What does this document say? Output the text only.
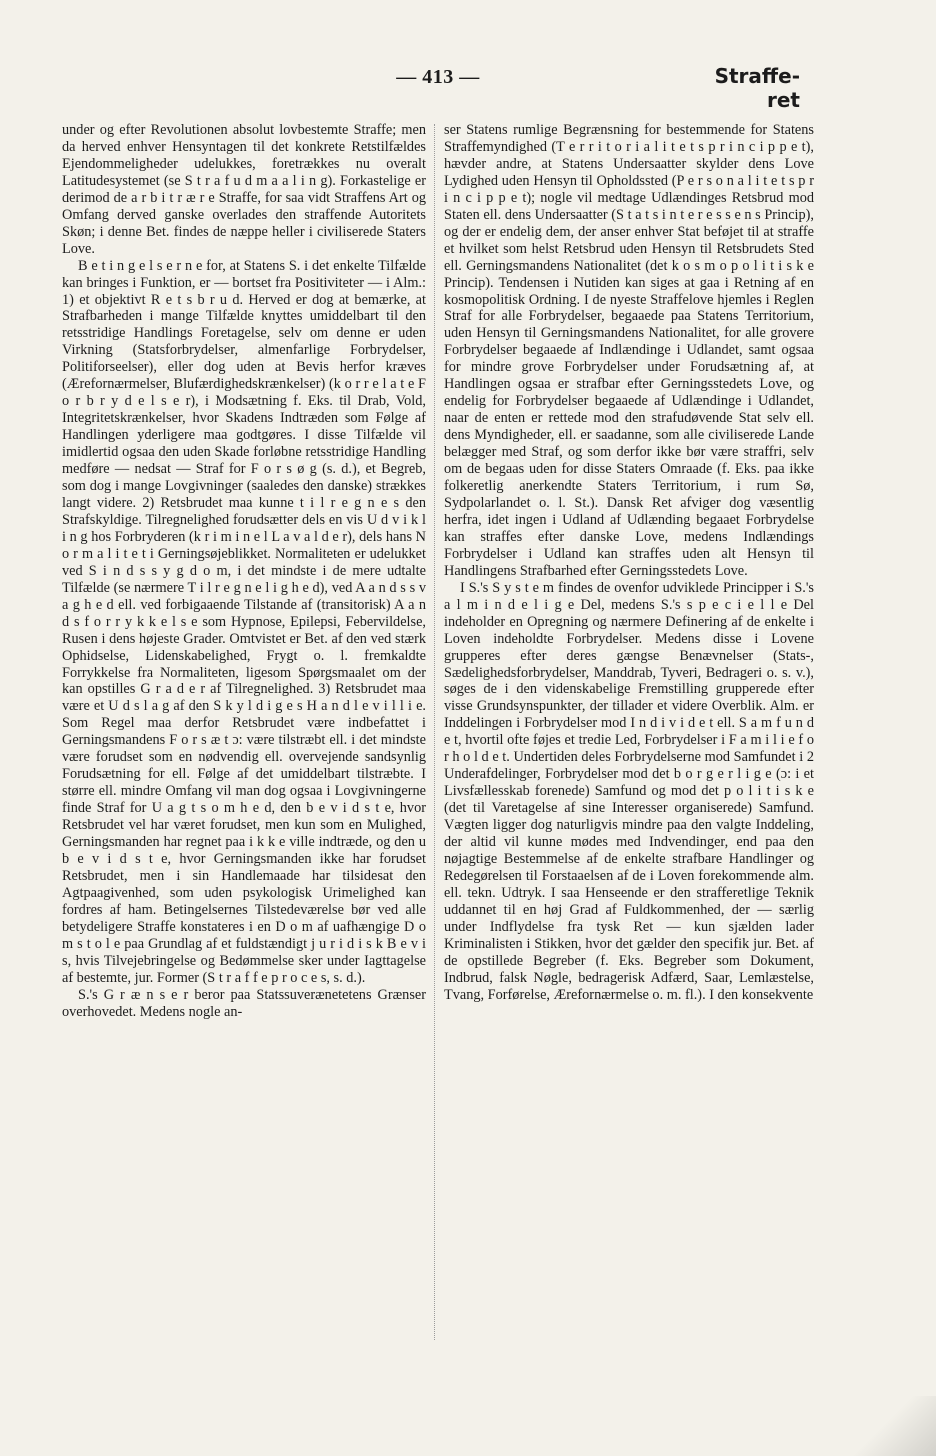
— 413 —	Strafferet

under og efter Revolutionen absolut lovbestemte Straffe; men da herved enhver Hensyntagen til det konkrete Retstilfældes Ejendommeligheder udelukkes, foretrækkes nu overalt Latitudesystemet (se S t r a f u d m a a l i n g). Forkastelige er derimod de a r b i t r æ r e Straffe, for saa vidt Straffens Art og Omfang derved ganske overlades den straffende Autoritets Skøn; i denne Bet. findes de næppe heller i civiliserede Staters Love.

B e t i n g e l s e r n e for, at Statens S. i det enkelte Tilfælde kan bringes i Funktion, er — bortset fra Positiviteter — i Alm.: 1) et objektivt R e t s b r u d. Herved er dog at bemærke, at Strafbarheden i mange Tilfælde knyttes umiddelbart til den retsstridige Handlings Foretagelse, selv om denne er uden Virkning (Statsforbrydelser, almenfarlige Forbrydelser, Politiforseelser), eller dog uden at Bevis herfor kræves (Ærefornærmelser, Blufærdighedskrænkelser) (k o r r e l a t e F o r b r y d e l s e r), i Modsætning f. Eks. til Drab, Vold, Integritetskrænkelser, hvor Skadens Indtræden som Følge af Handlingen yderligere maa godtgøres. I disse Tilfælde vil imidlertid ogsaa den uden Skade forløbne retsstridige Handling medføre — nedsat — Straf for F o r s ø g (s. d.), et Begreb, som dog i mange Lovgivninger (saaledes den danske) strækkes langt videre. 2) Retsbrudet maa kunne t i l r e g n e s den Strafskyldige. Tilregnelighed forudsætter dels en vis U d v i k l i n g hos Forbryderen (k r i m i n e l L a v a l d e r), dels hans N o r m a l i t e t i Gerningsøjeblikket. Normaliteten er udelukket ved S i n d s s y g d o m, i det mindste i de mere udtalte Tilfælde (se nærmere T i l r e g n e l i g h e d), ved A a n d s s v a g h e d ell. ved forbigaaende Tilstande af (transitorisk) A a n d s f o r r y k k e l s e som Hypnose, Epilepsi, Febervildelse, Rusen i dens højeste Grader. Omtvistet er Bet. af den ved stærk Ophidselse, Lidenskabelighed, Frygt o. l. fremkaldte Forrykkelse fra Normaliteten, ligesom Spørgsmaalet om der kan opstilles G r a d e r af Tilregnelighed. 3) Retsbrudet maa være et U d s l a g af den S k y l d i g e s H a n d l e v i l l i e. Som Regel maa derfor Retsbrudet være indbefattet i Gerningsmandens F o r s æ t ɔ: være tilstræbt ell. i det mindste være forudset som en nødvendig ell. overvejende sandsynlig Forudsætning for ell. Følge af det umiddelbart tilstræbte. I større ell. mindre Omfang vil man dog ogsaa i Lovgivningerne finde Straf for U a g t s o m h e d, den b e v i d s t e, hvor Retsbrudet vel har været forudset, men kun som en Mulighed, Gerningsmanden har regnet paa i k k e ville indtræde, og den u b e v i d s t e, hvor Gerningsmanden ikke har forudset Retsbrudet, men i sin Handlemaade har tilsidesat den Agtpaagivenhed, som uden psykologisk Urimelighed kan fordres af ham. Betingelsernes Tilstedeværelse bør ved alle betydeligere Straffe konstateres i en D o m af uafhængige D o m s t o l e paa Grundlag af et fuldstændigt j u r i d i s k B e v i s, hvis Tilvejebringelse og Bedømmelse sker under Iagttagelse af bestemte, jur. Former (S t r a f f e p r o c e s, s. d.).

S.'s G r æ n s e r beror paa Statssuverænetetens Grænser overhovedet. Medens nogle an-

ser Statens rumlige Begrænsning for bestemmende for Statens Straffemyndighed (T e r r i t o r i a l i t e t s p r i n c i p p e t), hævder andre, at Statens Undersaatter skylder dens Love Lydighed uden Hensyn til Opholdssted (P e r s o n a l i t e t s p r i n c i p p e t); nogle vil medtage Udlændinges Retsbrud mod Staten ell. dens Undersaatter (S t a t s i n t e r e s s e n s Princip), og der er endelig dem, der anser enhver Stat beføjet til at straffe et hvilket som helst Retsbrud uden Hensyn til Retsbrudets Sted ell. Gerningsmandens Nationalitet (det k o s m o p o l i t i s k e Princip). Tendensen i Nutiden kan siges at gaa i Retning af en kosmopolitisk Ordning. I de nyeste Straffelove hjemles i Reglen Straf for alle Forbrydelser, begaaede paa Statens Territorium, uden Hensyn til Gerningsmandens Nationalitet, for alle grovere Forbrydelser begaaede af Indlændinge i Udlandet, samt ogsaa for mindre grove Forbrydelser under Forudsætning af, at Handlingen ogsaa er strafbar efter Gerningsstedets Love, og endelig for Forbrydelser begaaede af Udlændinge i Udlandet, naar de enten er rettede mod den strafudøvende Stat selv ell. dens Myndigheder, ell. er saadanne, som alle civiliserede Lande belægger med Straf, og som derfor ikke bør være straffri, selv om de begaas uden for disse Staters Omraade (f. Eks. paa ikke folkeretlig anerkendte Staters Territorium, i rum Sø, Sydpolarlandet o. l. St.). Dansk Ret afviger dog væsentlig herfra, idet ingen i Udland af Udlænding begaaet Forbrydelse kan straffes efter danske Love, medens Indlændings Forbrydelser i Udland kan straffes uden alt Hensyn til Handlingens Strafbarhed efter Gerningsstedets Love.

I S.'s S y s t e m findes de ovenfor udviklede Principper i S.'s a l m i n d e l i g e Del, medens S.'s s p e c i e l l e Del indeholder en Opregning og nærmere Definering af de enkelte i Loven indeholdte Forbrydelser. Medens disse i Lovene grupperes efter deres gængse Benævnelser (Stats-, Sædelighedsforbrydelser, Manddrab, Tyveri, Bedrageri o. s. v.), søges de i den videnskabelige Fremstilling grupperede efter visse Grundsynspunkter, der tillader et videre Overblik. Alm. er Inddelingen i Forbrydelser mod I n d i v i d e t ell. S a m f u n d e t, hvortil ofte føjes et tredie Led, Forbrydelser i F a m i l i e f o r h o l d e t. Undertiden deles Forbrydelserne mod Samfundet i 2 Underafdelinger, Forbrydelser mod det b o r g e r l i g e (ɔ: i et Livsfællesskab forenede) Samfund og mod det p o l i t i s k e (det til Varetagelse af sine Interesser organiserede) Samfund. Vægten ligger dog naturligvis mindre paa den valgte Inddeling, der altid vil kunne mødes med Indvendinger, end paa den nøjagtige Bestemmelse af de enkelte strafbare Handlinger og Redegørelsen til Forstaaelsen af de i Loven forekommende alm. ell. tekn. Udtryk. I saa Henseende er den strafferetlige Teknik uddannet til en høj Grad af Fuldkommenhed, der — særlig under Indflydelse fra tysk Ret — kun sjælden lader Kriminalisten i Stikken, hvor det gælder den specifik jur. Bet. af de opstillede Begreber (f. Eks. Begreber som Dokument, Indbrud, falsk Nøgle, bedragerisk Adfærd, Saar, Lemlæstelse, Tvang, Forførelse, Ærefornærmelse o. m. fl.). I den konsekvente
